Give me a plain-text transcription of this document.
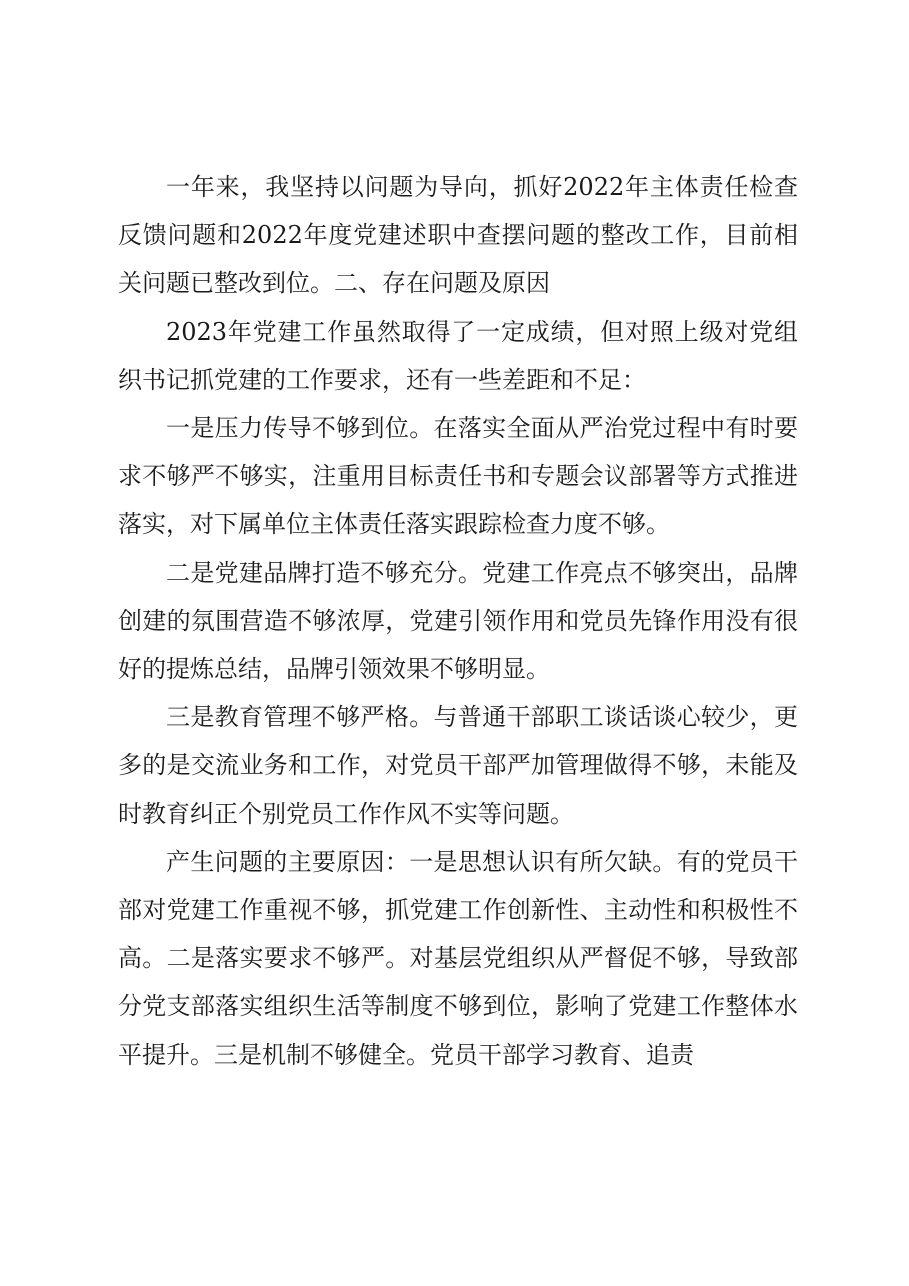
一年来，我坚持以问题为导向，抓好2022年主体责任检查反馈问题和2022年度党建述职中查摆问题的整改工作，目前相关问题已整改到位。二、存在问题及原因

2023年党建工作虽然取得了一定成绩，但对照上级对党组织书记抓党建的工作要求，还有一些差距和不足：

一是压力传导不够到位。在落实全面从严治党过程中有时要求不够严不够实，注重用目标责任书和专题会议部署等方式推进落实，对下属单位主体责任落实跟踪检查力度不够。

二是党建品牌打造不够充分。党建工作亮点不够突出，品牌创建的氛围营造不够浓厚，党建引领作用和党员先锋作用没有很好的提炼总结，品牌引领效果不够明显。

三是教育管理不够严格。与普通干部职工谈话谈心较少，更多的是交流业务和工作，对党员干部严加管理做得不够，未能及时教育纠正个别党员工作作风不实等问题。

产生问题的主要原因：一是思想认识有所欠缺。有的党员干部对党建工作重视不够，抓党建工作创新性、主动性和积极性不高。二是落实要求不够严。对基层党组织从严督促不够，导致部分党支部落实组织生活等制度不够到位，影响了党建工作整体水平提升。三是机制不够健全。党员干部学习教育、追责
